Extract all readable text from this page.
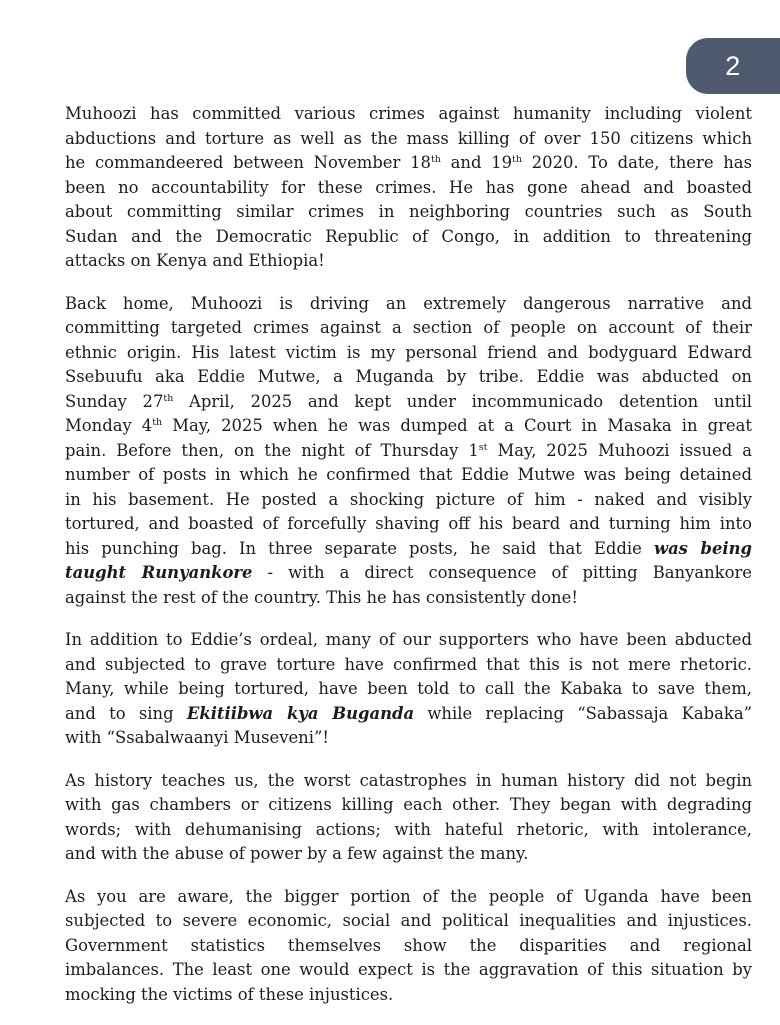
2
Muhoozi has committed various crimes against humanity including violent
abductions and torture as well as the mass killing of over 150 citizens which
he commandeered between November 18th and 19th 2020. To date, there has
been no accountability for these crimes. He has gone ahead and boasted
about committing similar crimes in neighboring countries such as South
Sudan and the Democratic Republic of Congo, in addition to threatening
attacks on Kenya and Ethiopia!
Back home, Muhoozi is driving an extremely dangerous narrative and
committing targeted crimes against a section of people on account of their
ethnic origin. His latest victim is my personal friend and bodyguard Edward
Ssebuufu aka Eddie Mutwe, a Muganda by tribe. Eddie was abducted on
Sunday 27th April, 2025 and kept under incommunicado detention until
Monday 4th May, 2025 when he was dumped at a Court in Masaka in great
pain. Before then, on the night of Thursday 1st May, 2025 Muhoozi issued a
number of posts in which he confirmed that Eddie Mutwe was being detained
in his basement. He posted a shocking picture of him - naked and visibly
tortured, and boasted of forcefully shaving off his beard and turning him into
his punching bag. In three separate posts, he said that Eddie was being
taught Runyankore - with a direct consequence of pitting Banyankore
against the rest of the country. This he has consistently done!
In addition to Eddie’s ordeal, many of our supporters who have been abducted
and subjected to grave torture have confirmed that this is not mere rhetoric.
Many, while being tortured, have been told to call the Kabaka to save them,
and to sing Ekitiibwa kya Buganda while replacing “Sabassaja Kabaka”
with “Ssabalwaanyi Museveni”!
As history teaches us, the worst catastrophes in human history did not begin
with gas chambers or citizens killing each other. They began with degrading
words; with dehumanising actions; with hateful rhetoric, with intolerance,
and with the abuse of power by a few against the many.
As you are aware, the bigger portion of the people of Uganda have been
subjected to severe economic, social and political inequalities and injustices.
Government statistics themselves show the disparities and regional
imbalances. The least one would expect is the aggravation of this situation by
mocking the victims of these injustices.
